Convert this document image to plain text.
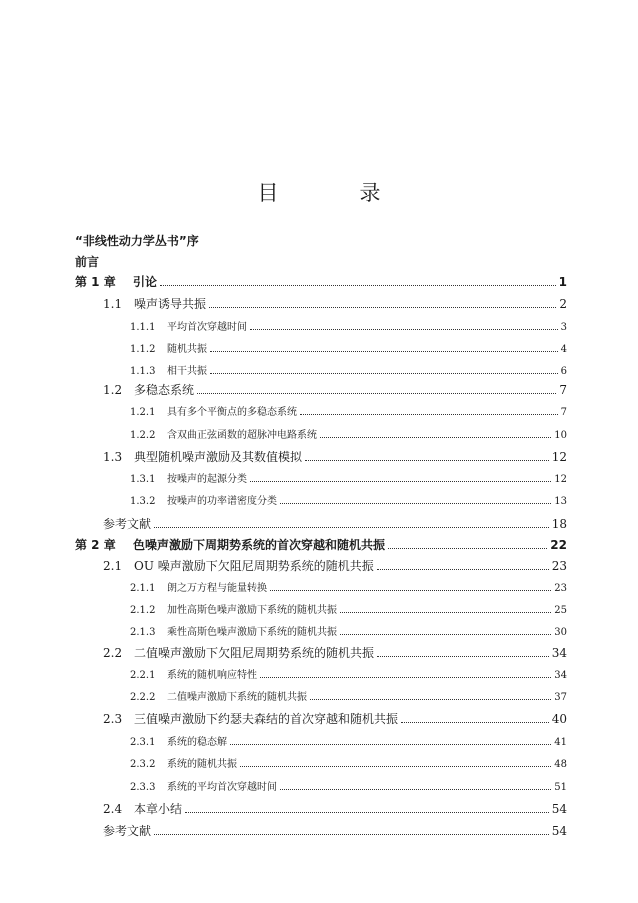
目　录
“非线性动力学丛书”序
前言
第 1 章	引论	1
1.1 噪声诱导共振	2
1.1.1	平均首次穿越时间	3
1.1.2	随机共振	4
1.1.3	相干共振	6
1.2 多稳态系统	7
1.2.1	具有多个平衡点的多稳态系统	7
1.2.2	含双曲正弦函数的超脉冲电路系统	10
1.3 典型随机噪声激励及其数值模拟	12
1.3.1	按噪声的起源分类	12
1.3.2	按噪声的功率谱密度分类	13
参考文献	18
第 2 章	色噪声激励下周期势系统的首次穿越和随机共振	22
2.1 OU 噪声激励下欠阻尼周期势系统的随机共振	23
2.1.1	朗之万方程与能量转换	23
2.1.2	加性高斯色噪声激励下系统的随机共振	25
2.1.3	乘性高斯色噪声激励下系统的随机共振	30
2.2 二值噪声激励下欠阻尼周期势系统的随机共振	34
2.2.1	系统的随机响应特性	34
2.2.2	二值噪声激励下系统的随机共振	37
2.3 三值噪声激励下约瑟夫森结的首次穿越和随机共振	40
2.3.1	系统的稳态解	41
2.3.2	系统的随机共振	48
2.3.3	系统的平均首次穿越时间	51
2.4 本章小结	54
参考文献	54
